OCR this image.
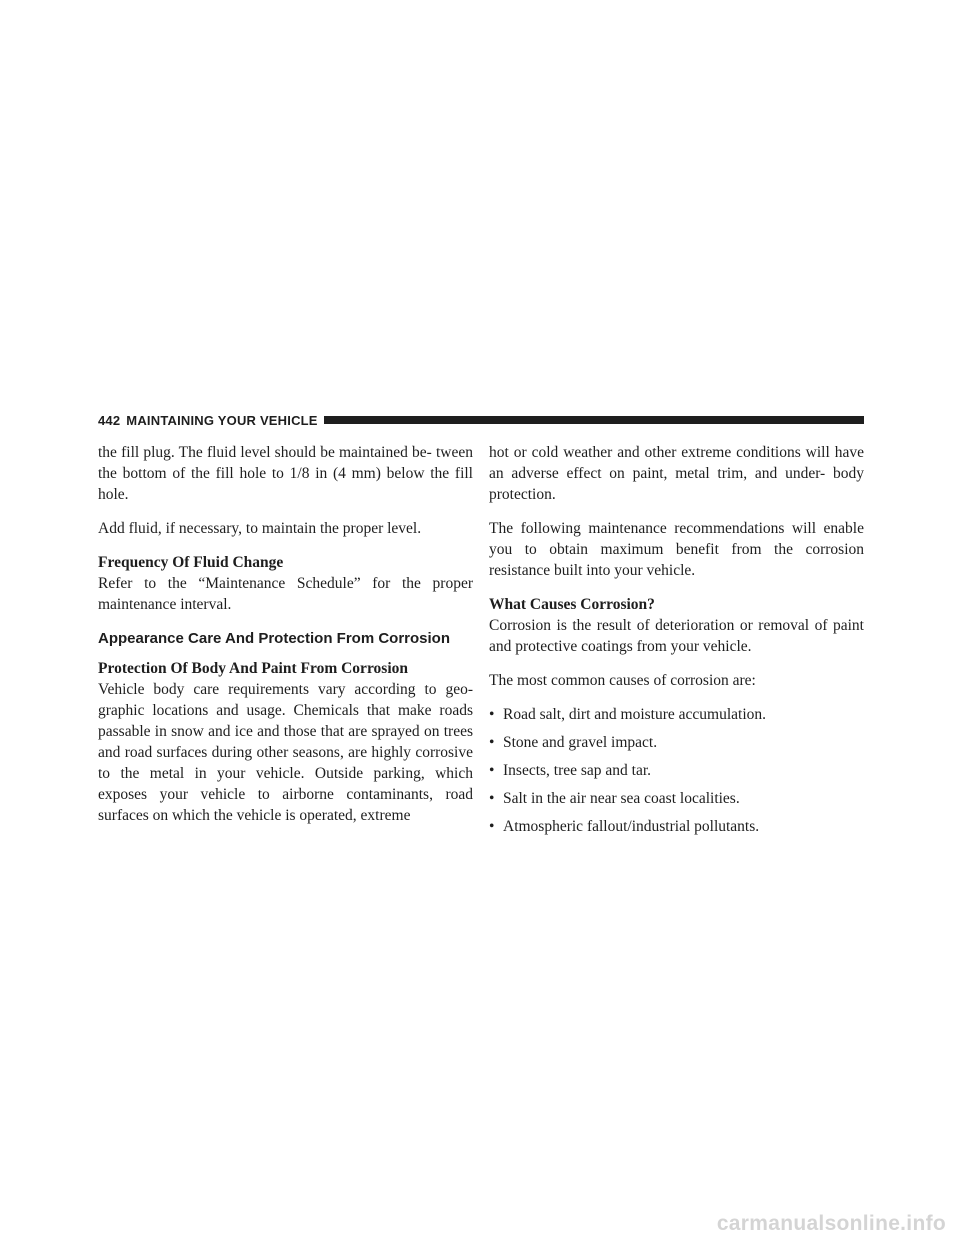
442 MAINTAINING YOUR VEHICLE

the fill plug. The fluid level should be maintained be- tween the bottom of the fill hole to 1/8 in (4 mm) below the fill hole.

Add fluid, if necessary, to maintain the proper level.

Frequency Of Fluid Change

Refer to the “Maintenance Schedule” for the proper maintenance interval.

Appearance Care And Protection From Corrosion
Protection Of Body And Paint From Corrosion

Vehicle body care requirements vary according to geo- graphic locations and usage. Chemicals that make roads passable in snow and ice and those that are sprayed on trees and road surfaces during other seasons, are highly corrosive to the metal in your vehicle. Outside parking, which exposes your vehicle to airborne contaminants, road surfaces on which the vehicle is operated, extreme

hot or cold weather and other extreme conditions will have an adverse effect on paint, metal trim, and under- body protection.

The following maintenance recommendations will enable you to obtain maximum benefit from the corrosion resistance built into your vehicle.

What Causes Corrosion?

Corrosion is the result of deterioration or removal of paint and protective coatings from your vehicle.

The most common causes of corrosion are:

• Road salt, dirt and moisture accumulation.
• Stone and gravel impact.
• Insects, tree sap and tar.
• Salt in the air near sea coast localities.
• Atmospheric fallout/industrial pollutants.
carmanualsonline.info
